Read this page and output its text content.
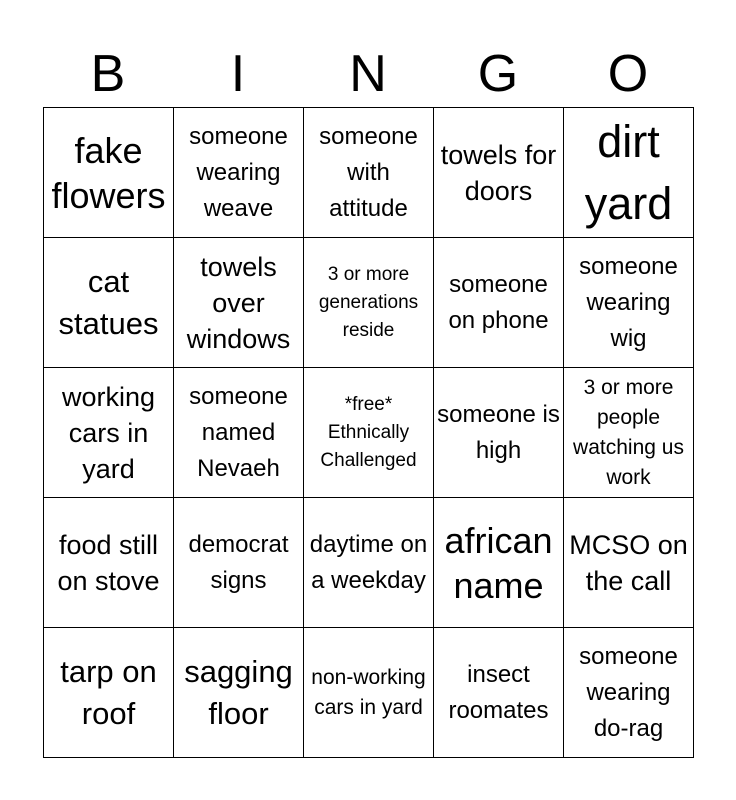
B	I	N	G	O
fake flowers	someone wearing weave	someone with attitude	towels for doors	dirt yard

cat statues	towels over windows	3 or more generations reside	someone on phone	someone wearing wig

working cars in yard	someone named Nevaeh	*free* Ethnically Challenged	someone is high	3 or more people watching us work

food still on stove	democrat signs	daytime on a weekday	african name	MCSO on the call

tarp on roof	sagging floor	non-working cars in yard	insect roomates	someone wearing do-rag
